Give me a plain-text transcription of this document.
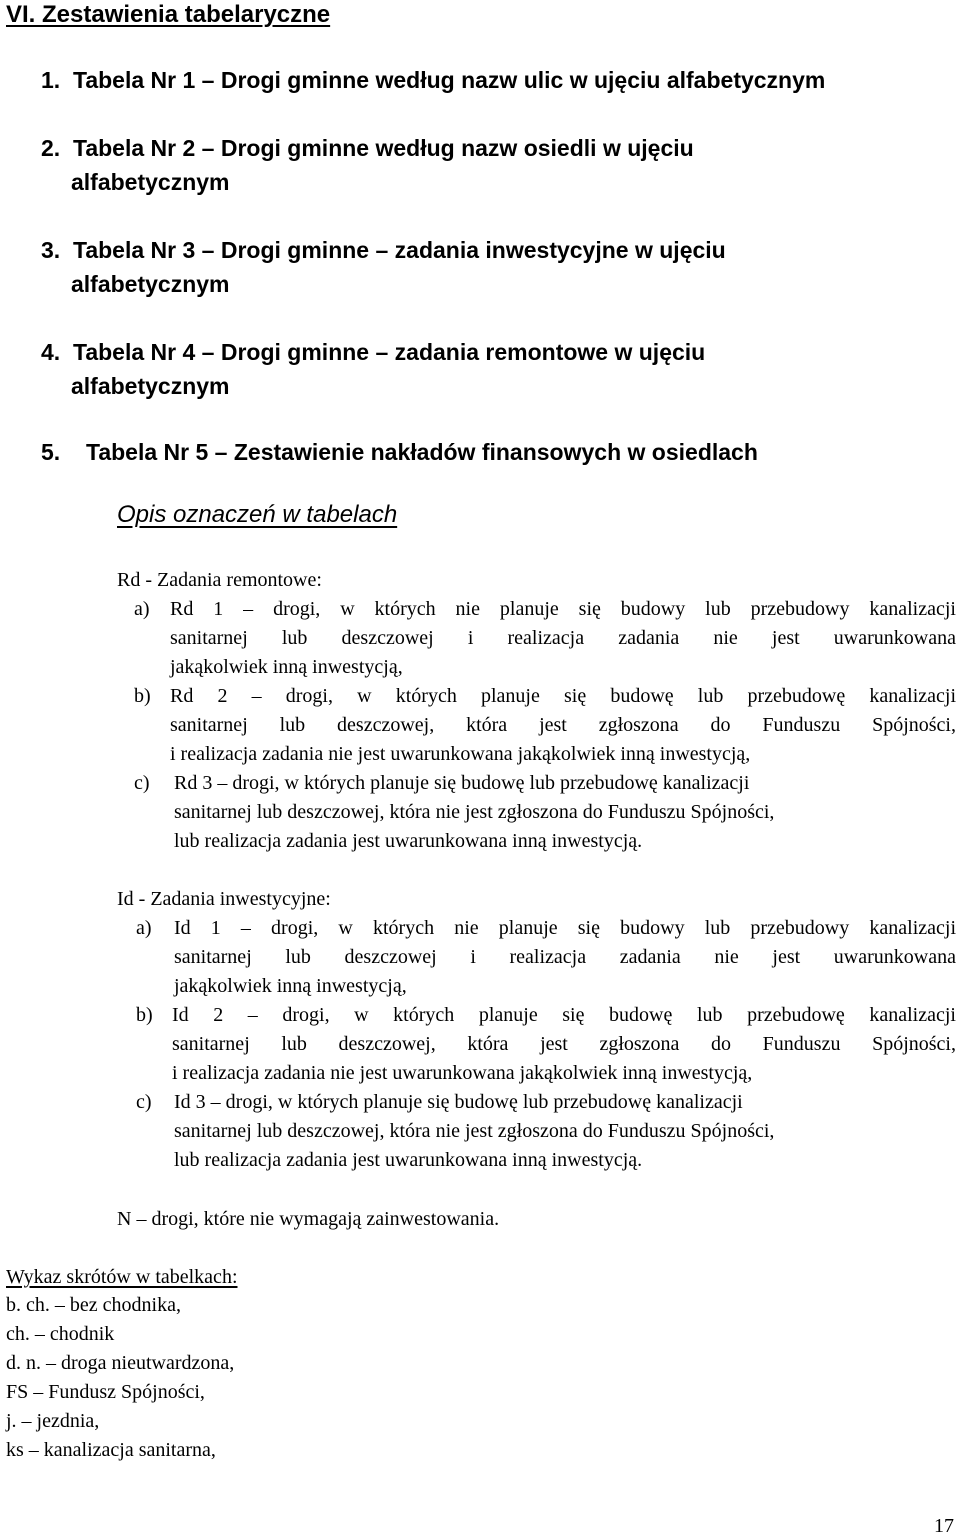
VI. Zestawienia tabelaryczne
1. Tabela Nr 1 – Drogi gminne według nazw ulic w ujęciu alfabetycznym
2. Tabela Nr 2 – Drogi gminne według nazw osiedli w ujęciu
alfabetycznym
3. Tabela Nr 3 – Drogi gminne – zadania inwestycyjne w ujęciu
alfabetycznym
4. Tabela Nr 4 – Drogi gminne – zadania remontowe w ujęciu
alfabetycznym
5. Tabela Nr 5 – Zestawienie nakładów finansowych w osiedlach
Opis oznaczeń w tabelach
Rd - Zadania remontowe:
a) Rd 1 – drogi, w których nie planuje się budowy lub przebudowy kanalizacji
sanitarnej lub deszczowej i realizacja zadania nie jest uwarunkowana
jakąkolwiek inną inwestycją,
b) Rd 2 – drogi, w których planuje się budowę lub przebudowę kanalizacji
sanitarnej lub deszczowej, która jest zgłoszona do Funduszu Spójności,
i realizacja zadania nie jest uwarunkowana jakąkolwiek inną inwestycją,
c) Rd 3 – drogi, w których planuje się budowę lub przebudowę kanalizacji
sanitarnej lub deszczowej, która nie jest zgłoszona do Funduszu Spójności,
lub realizacja zadania jest uwarunkowana inną inwestycją.
Id - Zadania inwestycyjne:
a) Id 1 – drogi, w których nie planuje się budowy lub przebudowy kanalizacji
sanitarnej lub deszczowej i realizacja zadania nie jest uwarunkowana
jakąkolwiek inną inwestycją,
b) Id 2 – drogi, w których planuje się budowę lub przebudowę kanalizacji
sanitarnej lub deszczowej, która jest zgłoszona do Funduszu Spójności,
i realizacja zadania nie jest uwarunkowana jakąkolwiek inną inwestycją,
c) Id 3 – drogi, w których planuje się budowę lub przebudowę kanalizacji
sanitarnej lub deszczowej, która nie jest zgłoszona do Funduszu Spójności,
lub realizacja zadania jest uwarunkowana inną inwestycją.
N – drogi, które nie wymagają zainwestowania.
Wykaz skrótów w tabelkach:
b. ch. – bez chodnika,
ch. – chodnik
d. n. – droga nieutwardzona,
FS – Fundusz Spójności,
j. – jezdnia,
ks – kanalizacja sanitarna,
17
